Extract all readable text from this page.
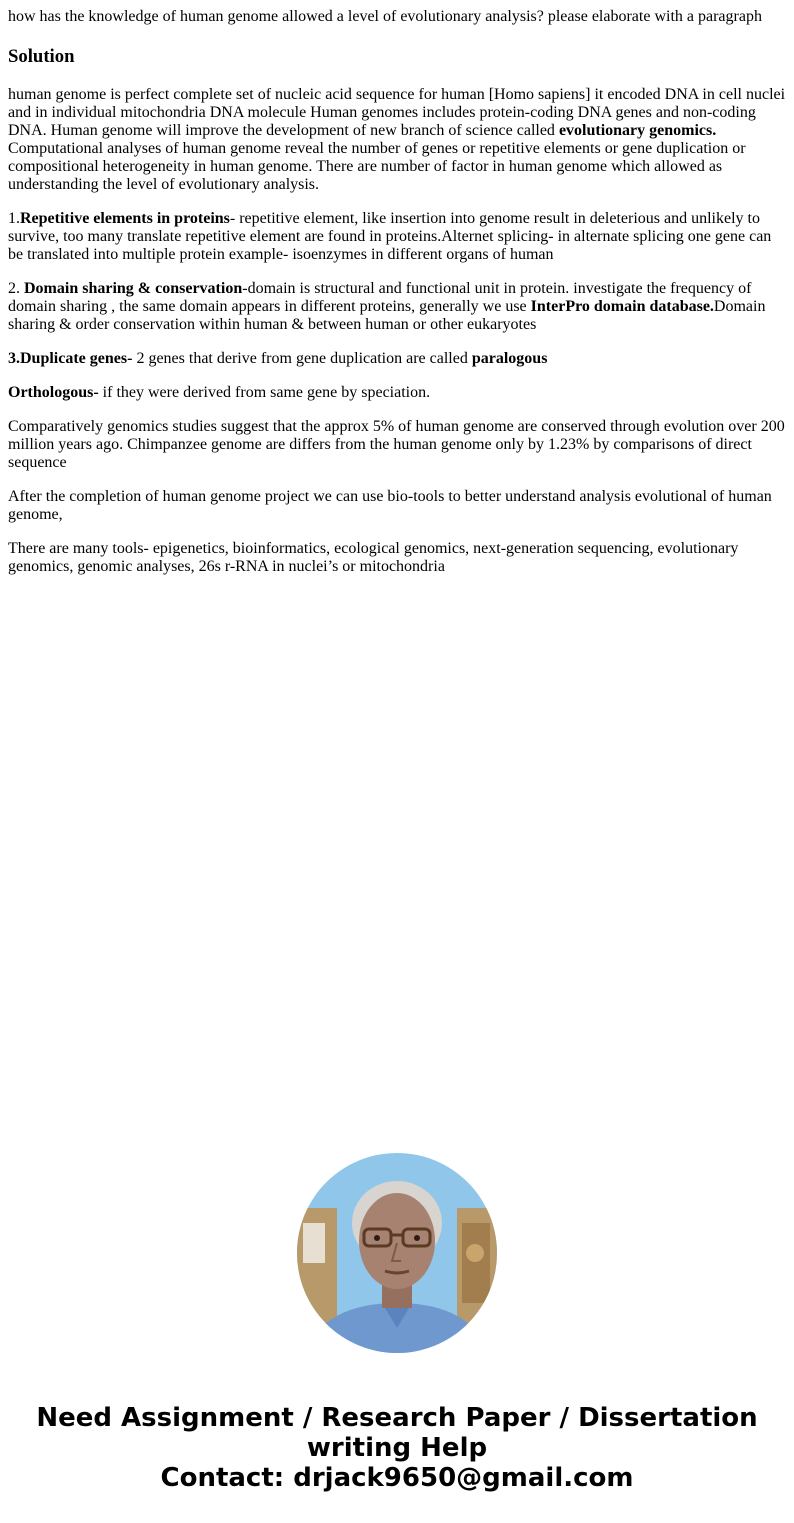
how has the knowledge of human genome allowed a level of evolutionary analysis? please elaborate with a paragraph
Solution

human genome is perfect complete set of nucleic acid sequence for human [Homo sapiens] it encoded DNA in cell nuclei and in individual mitochondria DNA molecule Human genomes includes protein-coding DNA genes and non-coding DNA. Human genome will improve the development of new branch of science called evolutionary genomics. Computational analyses of human genome reveal the number of genes or repetitive elements or gene duplication or compositional heterogeneity in human genome. There are number of factor in human genome which allowed as understanding the level of evolutionary analysis.

1.Repetitive elements in proteins- repetitive element, like insertion into genome result in deleterious and unlikely to survive, too many translate repetitive element are found in proteins.Alternet splicing- in alternate splicing one gene can be translated into multiple protein example- isoenzymes in different organs of human

2. Domain sharing & conservation-domain is structural and functional unit in protein. investigate the frequency of domain sharing , the same domain appears in different proteins, generally we use InterPro domain database.Domain sharing & order conservation within human & between human or other eukaryotes

3.Duplicate genes- 2 genes that derive from gene duplication are called paralogous

Orthologous- if they were derived from same gene by speciation.

Comparatively genomics studies suggest that the approx 5% of human genome are conserved through evolution over 200 million years ago. Chimpanzee genome are differs from the human genome only by 1.23% by comparisons of direct sequence

After the completion of human genome project we can use bio-tools to better understand analysis evolutional of human genome,

There are many tools- epigenetics, bioinformatics, ecological genomics, next-generation sequencing, evolutionary genomics, genomic analyses, 26s r-RNA in nuclei’s or mitochondria

Need Assignment / Research Paper / Dissertation
writing Help
Contact: drjack9650@gmail.com
